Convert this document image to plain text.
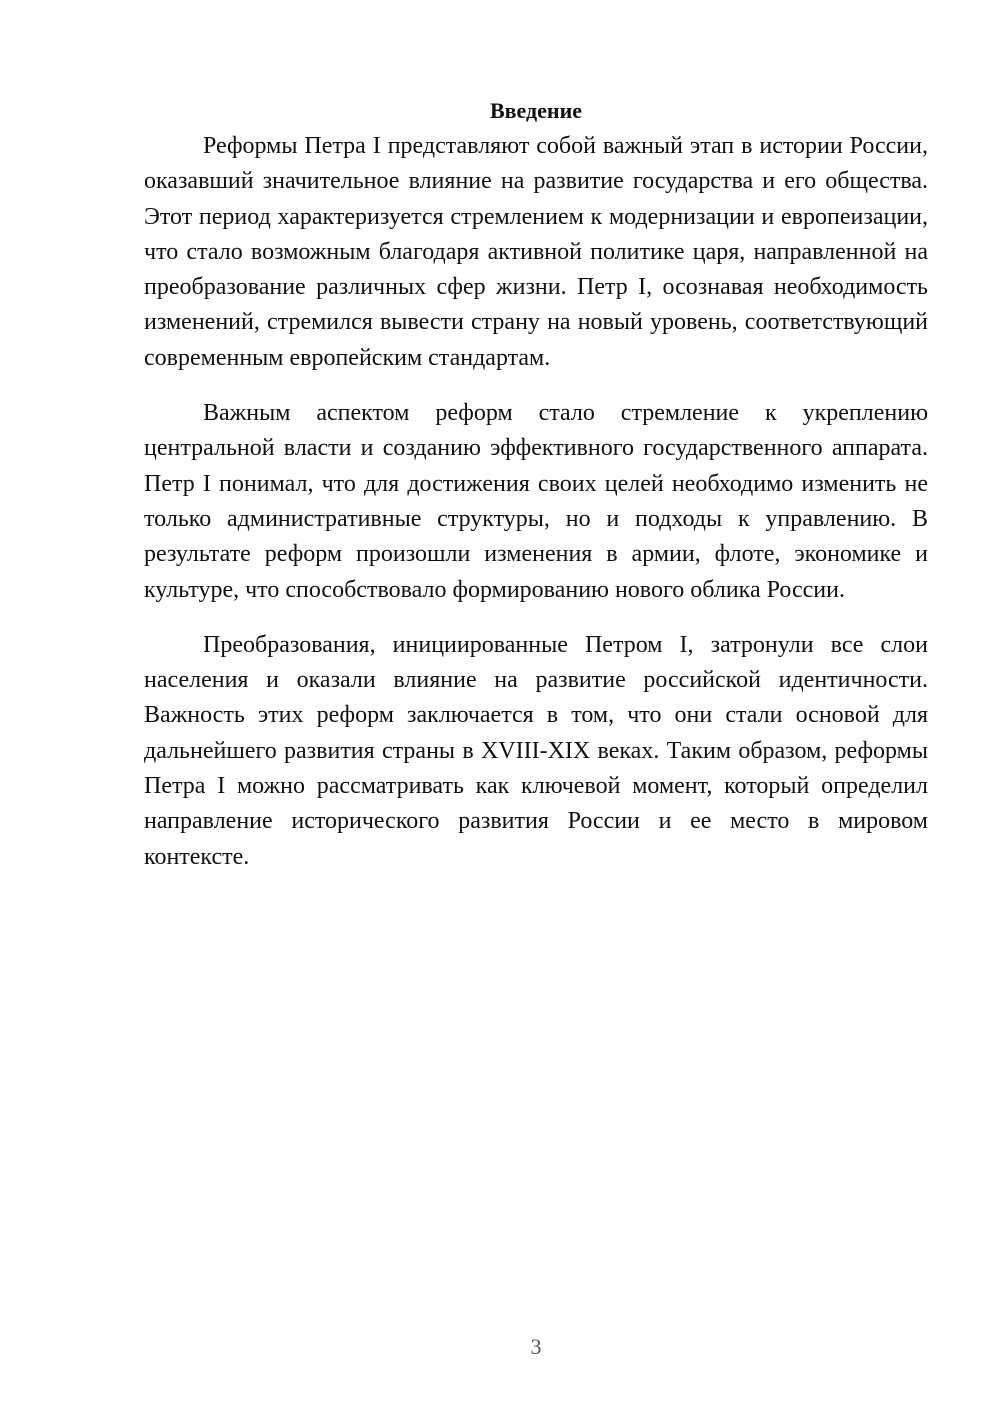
Введение

Реформы Петра I представляют собой важный этап в истории России, оказавший значительное влияние на развитие государства и его общества. Этот период характеризуется стремлением к модернизации и европеизации, что стало возможным благодаря активной политике царя, направленной на преобразование различных сфер жизни. Петр I, осознавая необходимость изменений, стремился вывести страну на новый уровень, соответствующий современным европейским стандартам.

Важным аспектом реформ стало стремление к укреплению центральной власти и созданию эффективного государственного аппарата. Петр I понимал, что для достижения своих целей необходимо изменить не только административные структуры, но и подходы к управлению. В результате реформ произошли изменения в армии, флоте, экономике и культуре, что способствовало формированию нового облика России.

Преобразования, инициированные Петром I, затронули все слои населения и оказали влияние на развитие российской идентичности. Важность этих реформ заключается в том, что они стали основой для дальнейшего развития страны в XVIII-XIX веках. Таким образом, реформы Петра I можно рассматривать как ключевой момент, который определил направление исторического развития России и ее место в мировом контексте.

3
